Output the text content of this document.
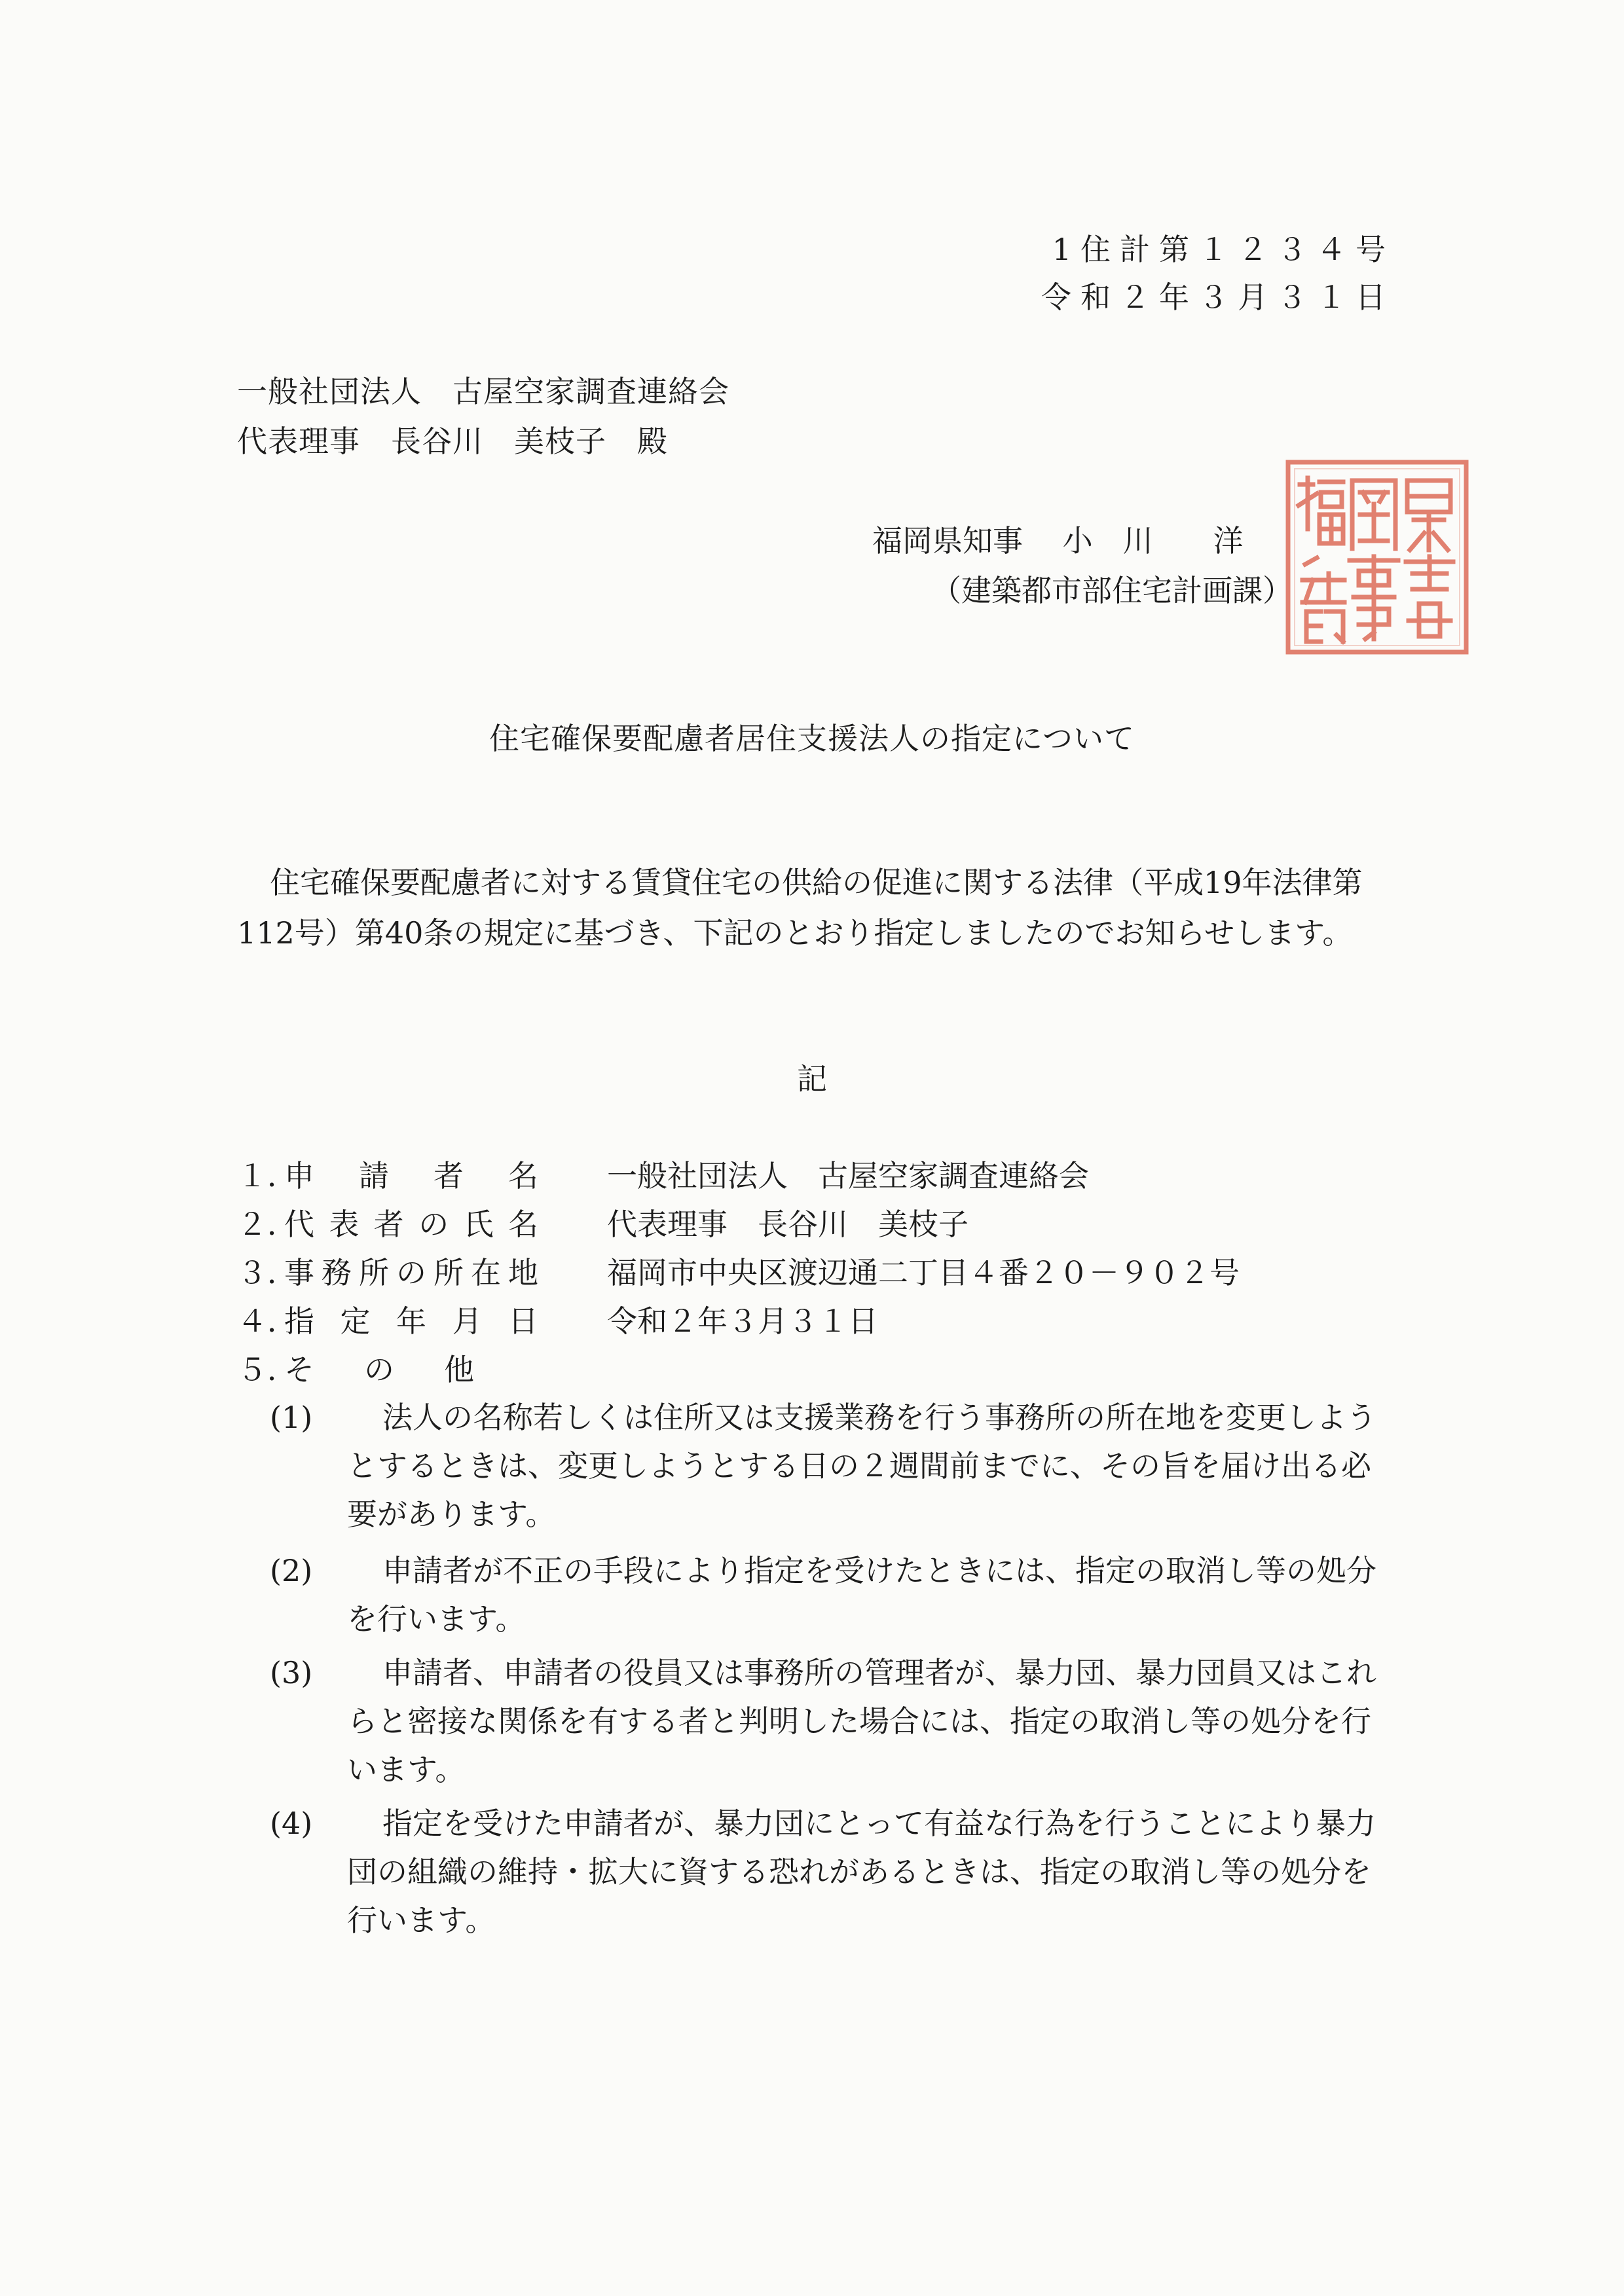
1住計第１２３４号
令和２年３月３１日
一般社団法人　古屋空家調査連絡会
代表理事　長谷川　美枝子　殿
福岡県知事　 小　川　　洋
（建築都市部住宅計画課）
住宅確保要配慮者居住支援法人の指定について

住宅確保要配慮者に対する賃貸住宅の供給の促進に関する法律（平成19年法律第112号）第40条の規定に基づき、下記のとおり指定しましたのでお知らせします。

記
１．申請者名 一般社団法人　古屋空家調査連絡会
２．代表者の氏名 代表理事　長谷川　美枝子
３．事務所の所在地 福岡市中央区渡辺通二丁目４番２０－９０２号
４．指定年月日 令和２年３月３１日
５．その他
(1)	法人の名称若しくは住所又は支援業務を行う事務所の所在地を変更しようとするときは、変更しようとする日の２週間前までに、その旨を届け出る必要があります。
(2)	申請者が不正の手段により指定を受けたときには、指定の取消し等の処分を行います。
(3)	申請者、申請者の役員又は事務所の管理者が、暴力団、暴力団員又はこれらと密接な関係を有する者と判明した場合には、指定の取消し等の処分を行います。
(4)	指定を受けた申請者が、暴力団にとって有益な行為を行うことにより暴力団の組織の維持・拡大に資する恐れがあるときは、指定の取消し等の処分を行います。
